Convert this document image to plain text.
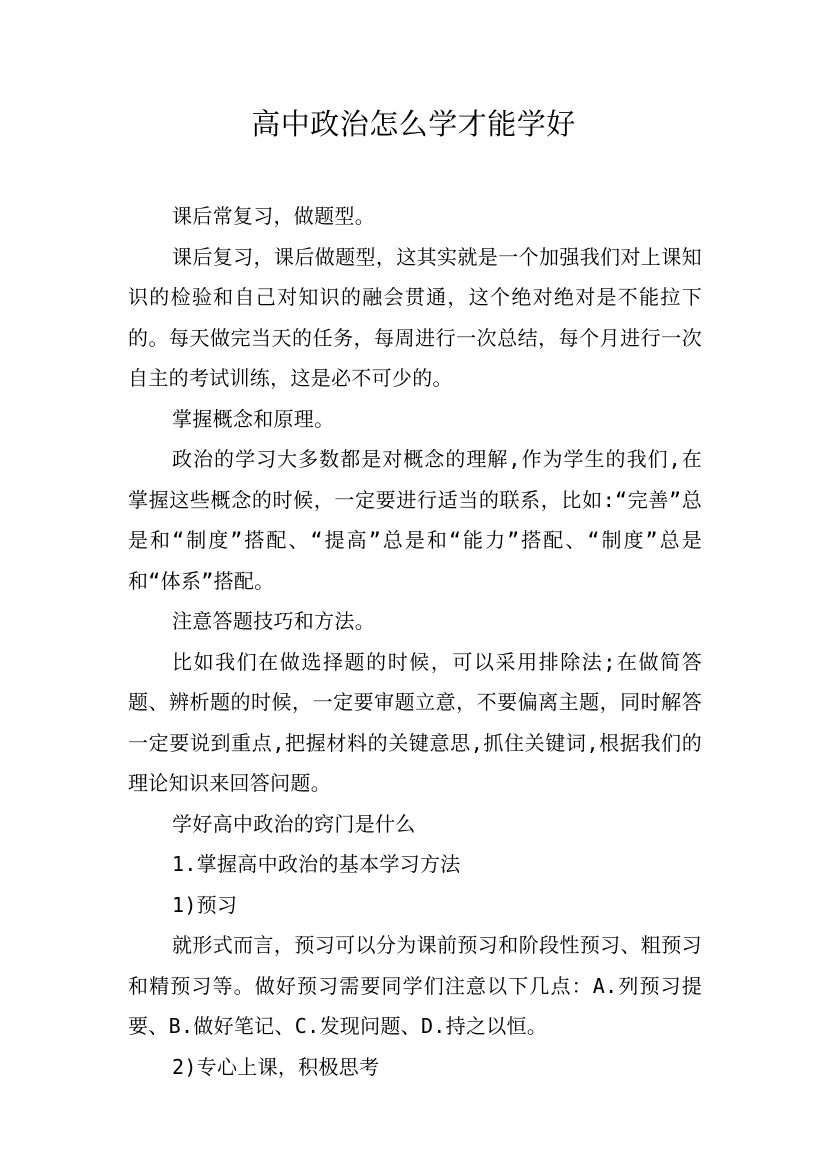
高中政治怎么学才能学好

课后常复习，做题型。

课后复习，课后做题型，这其实就是一个加强我们对上课知识的检验和自己对知识的融会贯通，这个绝对绝对是不能拉下的。每天做完当天的任务，每周进行一次总结，每个月进行一次自主的考试训练，这是必不可少的。

掌握概念和原理。

政治的学习大多数都是对概念的理解,作为学生的我们,在掌握这些概念的时候，一定要进行适当的联系，比如:“完善”总是和“制度”搭配、“提高”总是和“能力”搭配、“制度”总是和“体系”搭配。

注意答题技巧和方法。

比如我们在做选择题的时候，可以采用排除法;在做简答题、辨析题的时候，一定要审题立意，不要偏离主题，同时解答一定要说到重点,把握材料的关键意思,抓住关键词,根据我们的理论知识来回答问题。

学好高中政治的窍门是什么

1.掌握高中政治的基本学习方法

1)预习

就形式而言，预习可以分为课前预习和阶段性预习、粗预习和精预习等。做好预习需要同学们注意以下几点：A.列预习提要、B.做好笔记、C.发现问题、D.持之以恒。

2)专心上课，积极思考
